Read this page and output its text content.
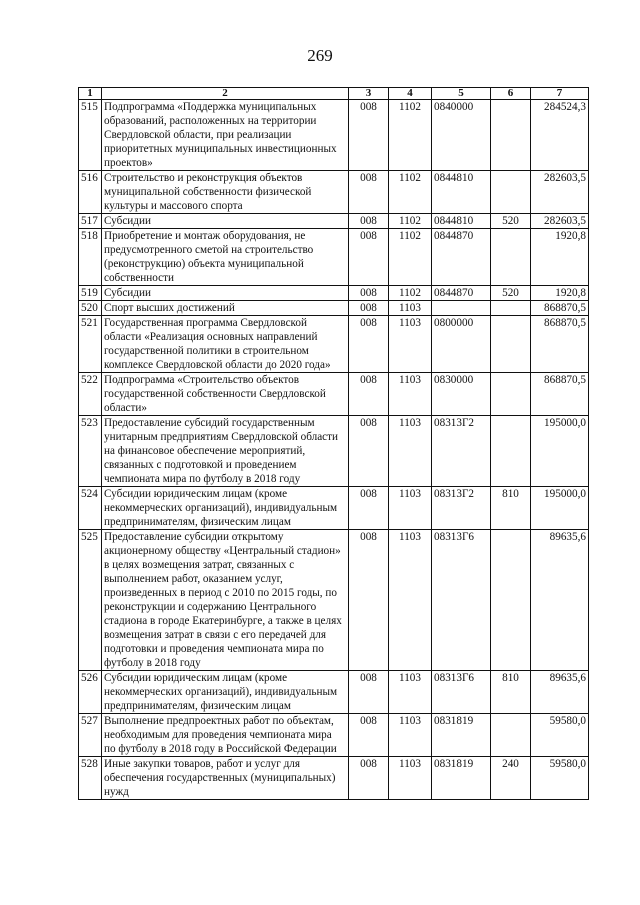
269
1	2	3	4	5	6	7
515	Подпрограмма «Поддержка муниципальных образований, расположенных на территории Свердловской области, при реализации приоритетных муниципальных инвестиционных проектов»	008	1102	0840000		284524,3
516	Строительство и реконструкция объектов муниципальной собственности физической культуры и массового спорта	008	1102	0844810		282603,5
517	Субсидии	008	1102	0844810	520	282603,5
518	Приобретение и монтаж оборудования, не предусмотренного сметой на строительство (реконструкцию) объекта муниципальной собственности	008	1102	0844870		1920,8
519	Субсидии	008	1102	0844870	520	1920,8
520	Спорт высших достижений	008	1103			868870,5
521	Государственная программа Свердловской области «Реализация основных направлений государственной политики в строительном комплексе Свердловской области до 2020 года»	008	1103	0800000		868870,5
522	Подпрограмма «Строительство объектов государственной собственности Свердловской области»	008	1103	0830000		868870,5
523	Предоставление субсидий государственным унитарным предприятиям Свердловской области на финансовое обеспечение мероприятий, связанных с подготовкой и проведением чемпионата мира по футболу в 2018 году	008	1103	08313Г2		195000,0
524	Субсидии юридическим лицам (кроме некоммерческих организаций), индивидуальным предпринимателям, физическим лицам	008	1103	08313Г2	810	195000,0
525	Предоставление субсидии открытому акционерному обществу «Центральный стадион» в целях возмещения затрат, связанных с выполнением работ, оказанием услуг, произведенных в период с 2010 по 2015 годы, по реконструкции и содержанию Центрального стадиона в городе Екатеринбурге, а также в целях возмещения затрат в связи с его передачей для подготовки и проведения чемпионата мира по футболу в 2018 году	008	1103	08313Г6		89635,6
526	Субсидии юридическим лицам (кроме некоммерческих организаций), индивидуальным предпринимателям, физическим лицам	008	1103	08313Г6	810	89635,6
527	Выполнение предпроектных работ по объектам, необходимым для проведения чемпионата мира по футболу в 2018 году в Российской Федерации	008	1103	0831819		59580,0
528	Иные закупки товаров, работ и услуг для обеспечения государственных (муниципальных) нужд	008	1103	0831819	240	59580,0
